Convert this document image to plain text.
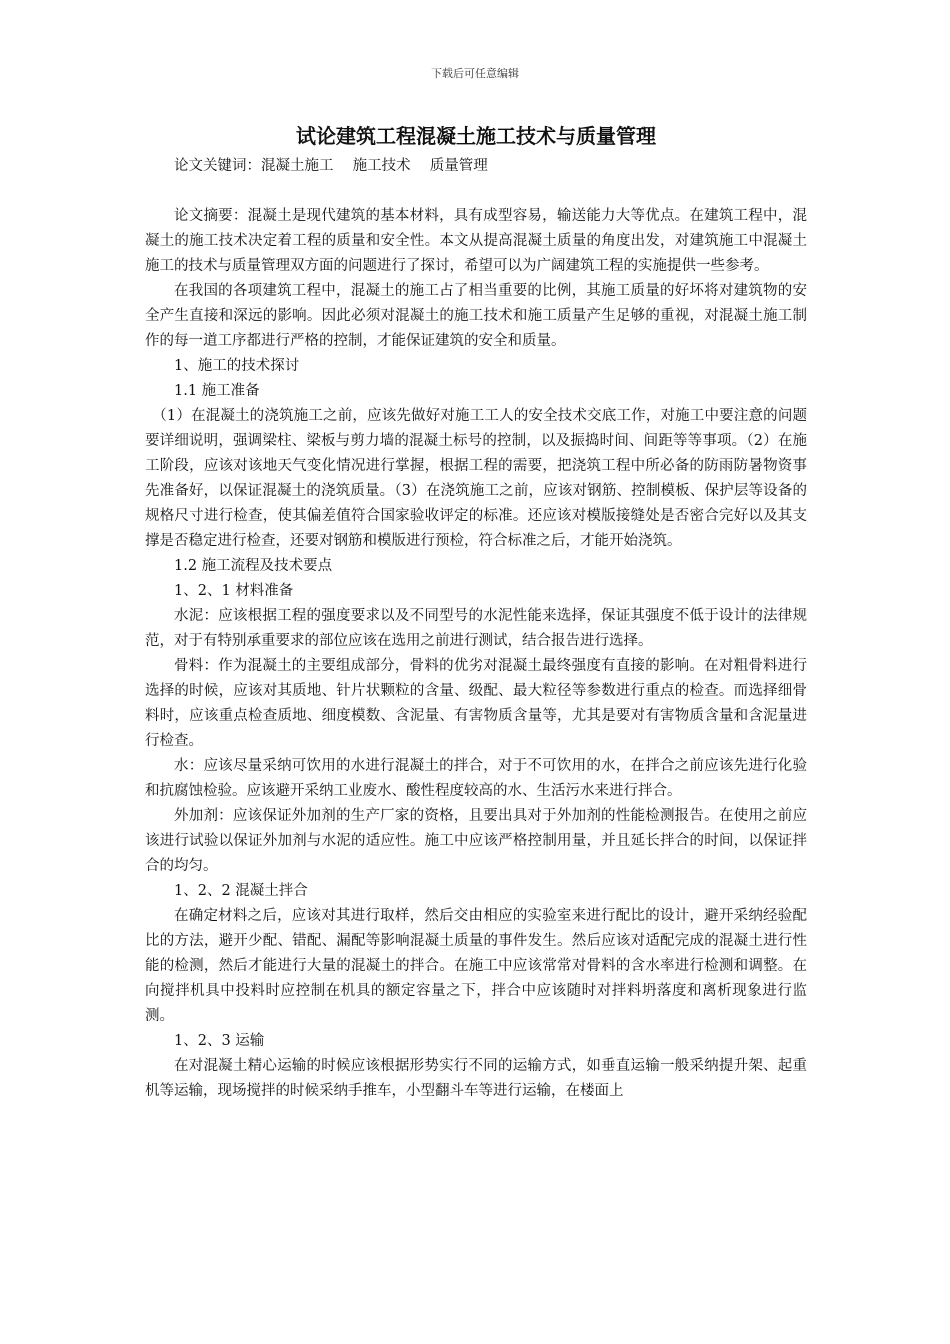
下载后可任意编辑
试论建筑工程混凝土施工技术与质量管理

论文关键词：混凝土施工　 施工技术　 质量管理

论文摘要：混凝土是现代建筑的基本材料，具有成型容易，输送能力大等优点。在建筑工程中，混凝土的施工技术决定着工程的质量和安全性。本文从提高混凝土质量的角度出发，对建筑施工中混凝土施工的技术与质量管理双方面的问题进行了探讨，希望可以为广阔建筑工程的实施提供一些参考。

在我国的各项建筑工程中，混凝土的施工占了相当重要的比例，其施工质量的好坏将对建筑物的安全产生直接和深远的影响。因此必须对混凝土的施工技术和施工质量产生足够的重视，对混凝土施工制作的每一道工序都进行严格的控制，才能保证建筑的安全和质量。

1、施工的技术探讨

1.1 施工准备

（1）在混凝土的浇筑施工之前，应该先做好对施工工人的安全技术交底工作，对施工中要注意的问题要详细说明，强调梁柱、梁板与剪力墙的混凝土标号的控制，以及振捣时间、间距等等事项。（2）在施工阶段，应该对该地天气变化情况进行掌握，根据工程的需要，把浇筑工程中所必备的防雨防暑物资事先准备好，以保证混凝土的浇筑质量。（3）在浇筑施工之前，应该对钢筋、控制模板、保护层等设备的规格尺寸进行检查，使其偏差值符合国家验收评定的标准。还应该对模版接缝处是否密合完好以及其支撑是否稳定进行检查，还要对钢筋和模版进行预检，符合标准之后，才能开始浇筑。

1.2 施工流程及技术要点

1、2、1 材料准备

水泥：应该根据工程的强度要求以及不同型号的水泥性能来选择，保证其强度不低于设计的法律规范，对于有特别承重要求的部位应该在选用之前进行测试，结合报告进行选择。

骨料：作为混凝土的主要组成部分，骨料的优劣对混凝土最终强度有直接的影响。在对粗骨料进行选择的时候，应该对其质地、针片状颗粒的含量、级配、最大粒径等参数进行重点的检查。而选择细骨料时，应该重点检查质地、细度模数、含泥量、有害物质含量等，尤其是要对有害物质含量和含泥量进行检查。

水：应该尽量采纳可饮用的水进行混凝土的拌合，对于不可饮用的水，在拌合之前应该先进行化验和抗腐蚀检验。应该避开采纳工业废水、酸性程度较高的水、生活污水来进行拌合。

外加剂：应该保证外加剂的生产厂家的资格，且要出具对于外加剂的性能检测报告。在使用之前应该进行试验以保证外加剂与水泥的适应性。施工中应该严格控制用量，并且延长拌合的时间，以保证拌合的均匀。

1、2、2 混凝土拌合

在确定材料之后，应该对其进行取样，然后交由相应的实验室来进行配比的设计，避开采纳经验配比的方法，避开少配、错配、漏配等影响混凝土质量的事件发生。然后应该对适配完成的混凝土进行性能的检测，然后才能进行大量的混凝土的拌合。在施工中应该常常对骨料的含水率进行检测和调整。在向搅拌机具中投料时应控制在机具的额定容量之下，拌合中应该随时对拌料坍落度和离析现象进行监测。

1、2、3 运输

在对混凝土精心运输的时候应该根据形势实行不同的运输方式，如垂直运输一般采纳提升架、起重机等运输，现场搅拌的时候采纳手推车，小型翻斗车等进行运输，在楼面上
